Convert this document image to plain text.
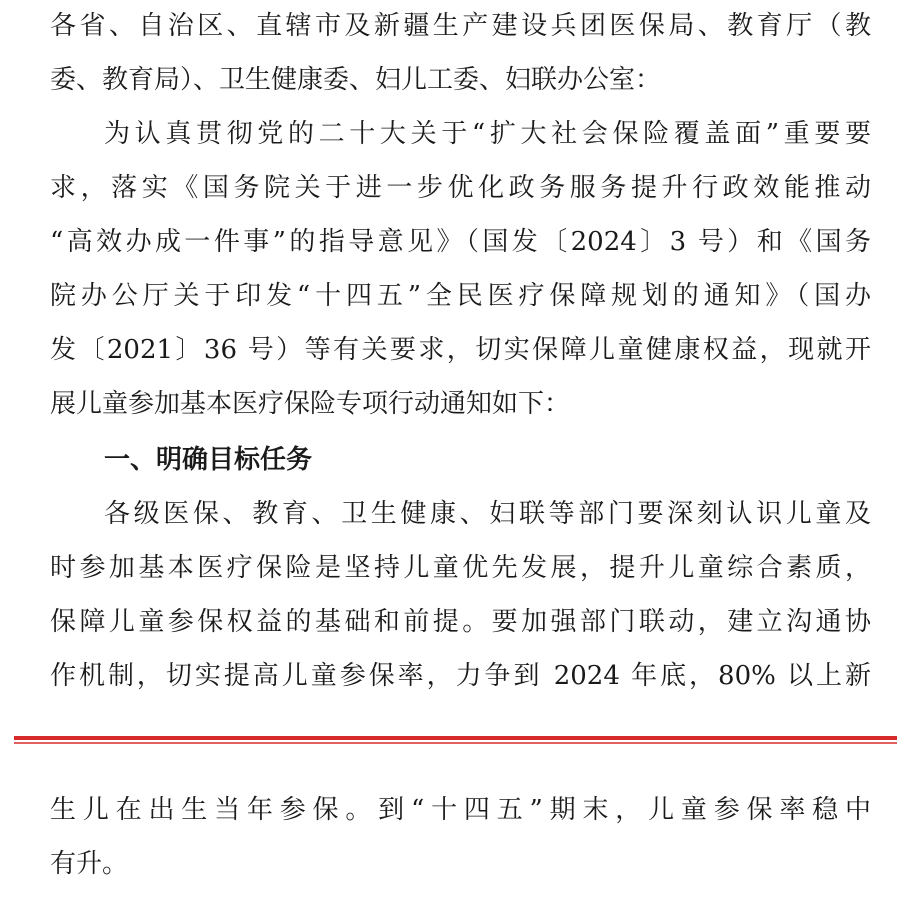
各省、自治区、直辖市及新疆生产建设兵团医保局、教育厅（教
委、教育局）、卫生健康委、妇儿工委、妇联办公室：
为认真贯彻党的二十大关于“扩大社会保险覆盖面”重要要
求，落实《国务院关于进一步优化政务服务提升行政效能推动
“高效办成一件事”的指导意见》（国发〔2024〕3 号）和《国务
院办公厅关于印发“十四五”全民医疗保障规划的通知》（国办
发〔2021〕36 号）等有关要求，切实保障儿童健康权益，现就开
展儿童参加基本医疗保险专项行动通知如下：
一、明确目标任务
各级医保、教育、卫生健康、妇联等部门要深刻认识儿童及
时参加基本医疗保险是坚持儿童优先发展，提升儿童综合素质，
保障儿童参保权益的基础和前提。要加强部门联动，建立沟通协
作机制，切实提高儿童参保率，力争到 2024 年底，80% 以上新
生儿在出生当年参保。到“十四五”期末，儿童参保率稳中
有升。
